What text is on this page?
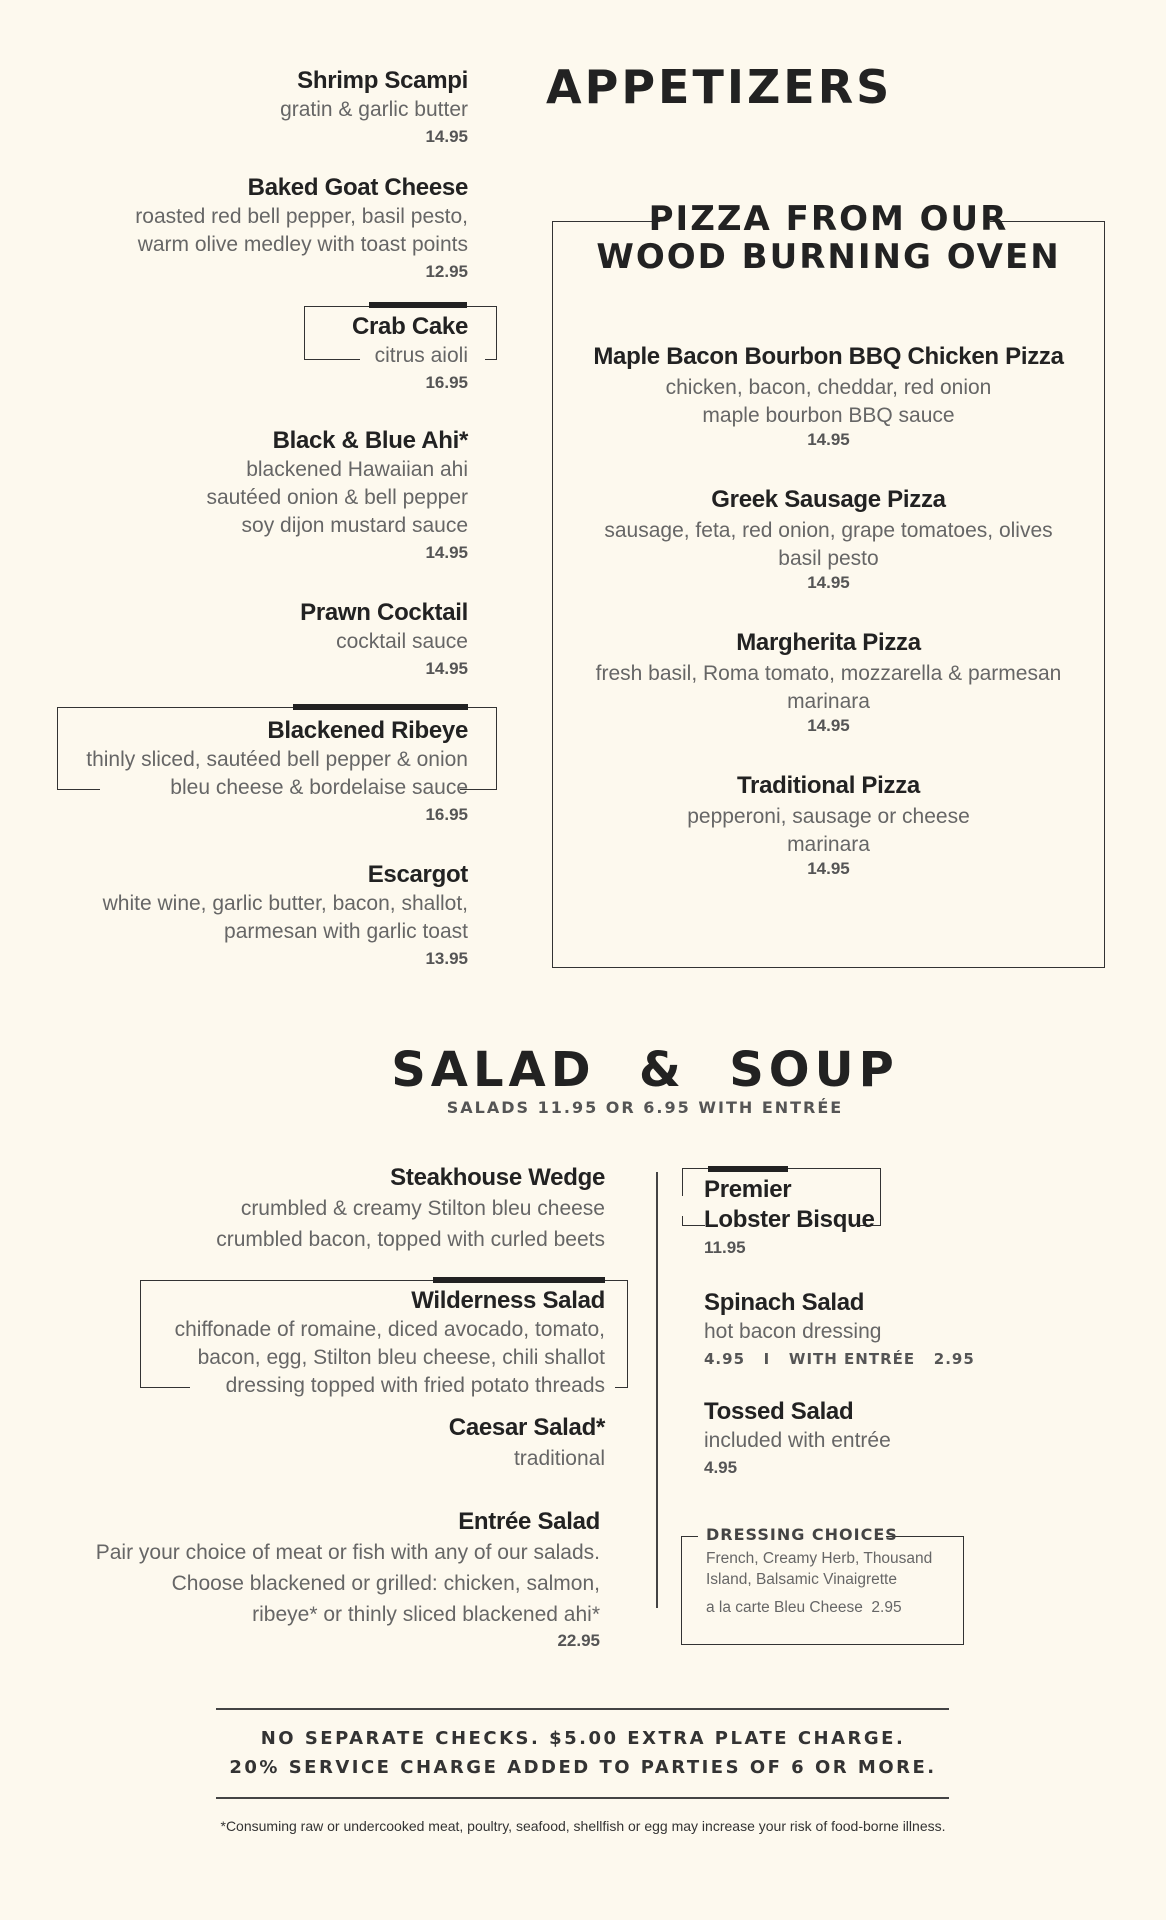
APPETIZERS
Shrimp Scampi
gratin & garlic butter
14.95
Baked Goat Cheese
roasted red bell pepper, basil pesto,
warm olive medley with toast points
12.95
Crab Cake
citrus aioli
16.95
Black & Blue Ahi*
blackened Hawaiian ahi
sautéed onion & bell pepper
soy dijon mustard sauce
14.95
Prawn Cocktail
cocktail sauce
14.95
Blackened Ribeye
thinly sliced, sautéed bell pepper & onion
bleu cheese & bordelaise sauce
16.95
Escargot
white wine, garlic butter, bacon, shallot,
parmesan with garlic toast
13.95
PIZZA FROM OUR
WOOD BURNING OVEN
Maple Bacon Bourbon BBQ Chicken Pizza
chicken, bacon, cheddar, red onion
maple bourbon BBQ sauce
14.95
Greek Sausage Pizza
sausage, feta, red onion, grape tomatoes, olives
basil pesto
14.95
Margherita Pizza
fresh basil, Roma tomato, mozzarella & parmesan
marinara
14.95
Traditional Pizza
pepperoni, sausage or cheese
marinara
14.95
SALAD  &  SOUP
SALADS 11.95 OR 6.95 WITH ENTRÉE
Steakhouse Wedge
crumbled & creamy Stilton bleu cheese
crumbled bacon, topped with curled beets
Wilderness Salad
chiffonade of romaine, diced avocado, tomato,
bacon, egg, Stilton bleu cheese, chili shallot
dressing topped with fried potato threads
Caesar Salad*
traditional
Entrée Salad
Pair your choice of meat or fish with any of our salads.
Choose blackened or grilled: chicken, salmon,
ribeye* or thinly sliced blackened ahi*
22.95
Premier
Lobster Bisque
11.95
Spinach Salad
hot bacon dressing
4.95   I   WITH ENTRÉE   2.95
Tossed Salad
included with entrée
4.95
DRESSING CHOICES
French, Creamy Herb, Thousand
Island, Balsamic Vinaigrette
a la carte Bleu Cheese  2.95
NO SEPARATE CHECKS. $5.00 EXTRA PLATE CHARGE.
20% SERVICE CHARGE ADDED TO PARTIES OF 6 OR MORE.
*Consuming raw or undercooked meat, poultry, seafood, shellfish or egg may increase your risk of food-borne illness.
